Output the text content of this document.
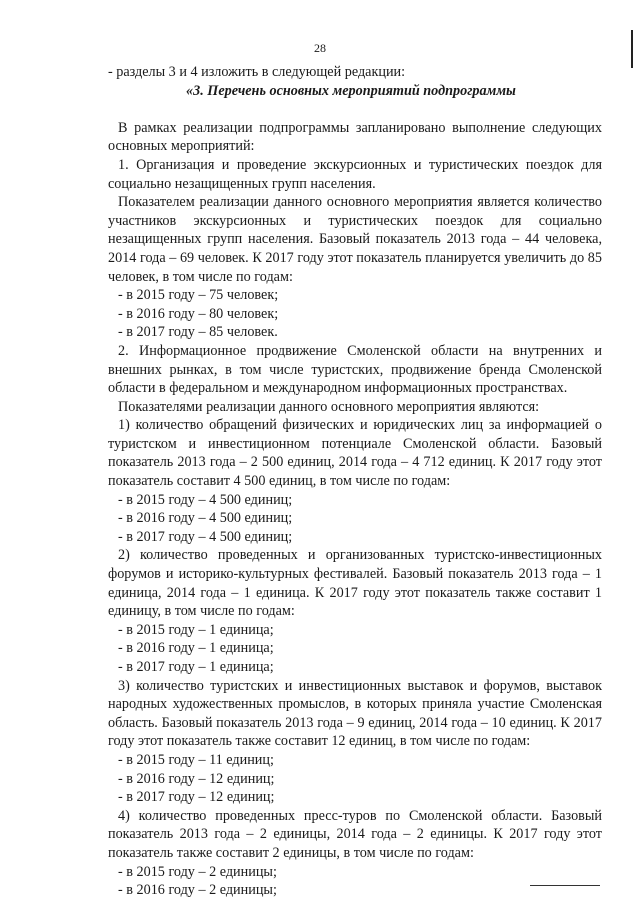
28

- разделы 3 и 4 изложить в следующей редакции:

«3. Перечень основных мероприятий подпрограммы

В рамках реализации подпрограммы запланировано выполнение следующих основных мероприятий:

1. Организация и проведение экскурсионных и туристических поездок для социально незащищенных групп населения.

Показателем реализации данного основного мероприятия является количество участников экскурсионных и туристических поездок для социально незащищенных групп населения. Базовый показатель 2013 года – 44 человека, 2014 года – 69 человек. К 2017 году этот показатель планируется увеличить до 85 человек, в том числе по годам:

- в 2015 году – 75 человек;

- в 2016 году – 80 человек;

- в 2017 году – 85 человек.

2. Информационное продвижение Смоленской области на внутренних и внешних рынках, в том числе туристских, продвижение бренда Смоленской области в федеральном и международном информационных пространствах.

Показателями реализации данного основного мероприятия являются:

1) количество обращений физических и юридических лиц за информацией о туристском и инвестиционном потенциале Смоленской области. Базовый показатель 2013 года – 2 500 единиц, 2014 года – 4 712 единиц. К 2017 году этот показатель составит 4 500 единиц, в том числе по годам:

- в 2015 году – 4 500 единиц;

- в 2016 году – 4 500 единиц;

- в 2017 году – 4 500 единиц;

2) количество проведенных и организованных туристско-инвестиционных форумов и историко-культурных фестивалей. Базовый показатель 2013 года – 1 единица, 2014 года – 1 единица. К 2017 году этот показатель также составит 1 единицу, в том числе по годам:

- в 2015 году – 1 единица;

- в 2016 году – 1 единица;

- в 2017 году – 1 единица;

3) количество туристских и инвестиционных выставок и форумов, выставок народных художественных промыслов, в которых приняла участие Смоленская область. Базовый показатель 2013 года – 9 единиц, 2014 года – 10 единиц. К 2017 году этот показатель также составит 12 единиц, в том числе по годам:

- в 2015 году – 11 единиц;

- в 2016 году – 12 единиц;

- в 2017 году – 12 единиц;

4) количество проведенных пресс-туров по Смоленской области. Базовый показатель 2013 года – 2 единицы, 2014 года – 2 единицы. К 2017 году этот показатель также составит 2 единицы, в том числе по годам:

- в 2015 году – 2 единицы;

- в 2016 году – 2 единицы;
